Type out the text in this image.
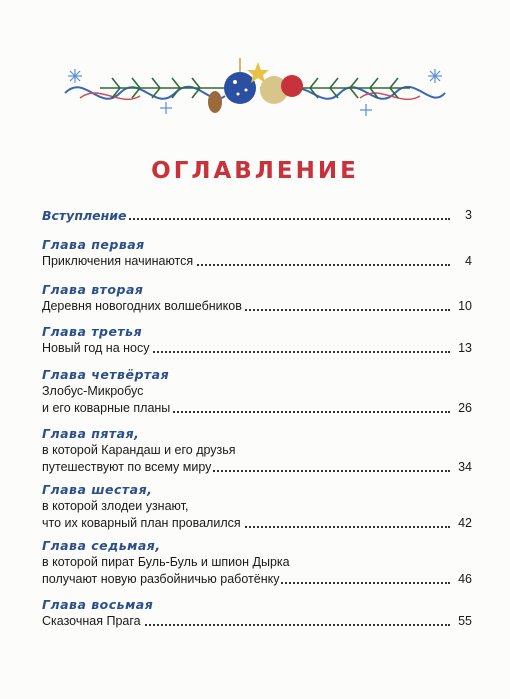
ОГЛАВЛЕНИЕ
Вступление	3
Глава первая
Приключения начинаются	4
Глава вторая
Деревня новогодних волшебников	10
Глава третья
Новый год на носу	13
Глава четвёртая
Злобус-Микробус
и его коварные планы	26
Глава пятая,
в которой Карандаш и его друзья
путешествуют по всему миру	34
Глава шестая,
в которой злодеи узнают,
что их коварный план провалился	42
Глава седьмая,
в которой пират Буль-Буль и шпион Дырка
получают новую разбойничью работёнку	46
Глава восьмая
Сказочная Прага	55
